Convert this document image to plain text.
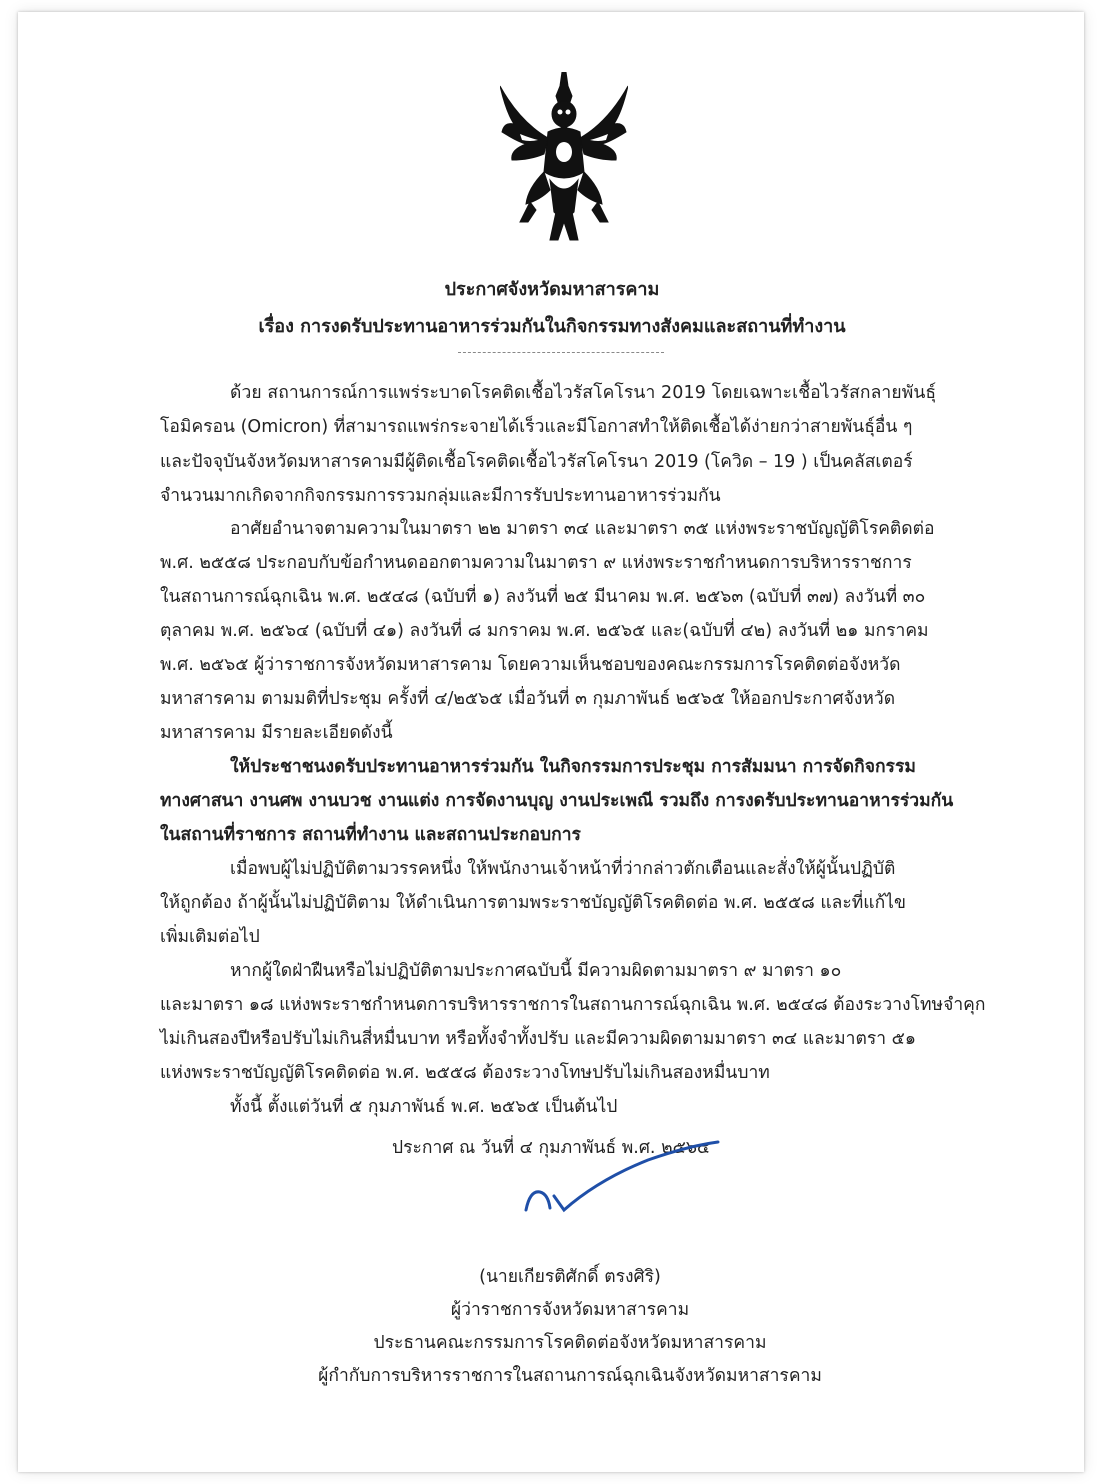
ประกาศจังหวัดมหาสารคาม
เรื่อง การงดรับประทานอาหารร่วมกันในกิจกรรมทางสังคมและสถานที่ทำงาน
ด้วย สถานการณ์การแพร่ระบาดโรคติดเชื้อไวรัสโคโรนา 2019 โดยเฉพาะเชื้อไวรัสกลายพันธุ์
โอมิครอน (Omicron) ที่สามารถแพร่กระจายได้เร็วและมีโอกาสทำให้ติดเชื้อได้ง่ายกว่าสายพันธุ์อื่น ๆ
และปัจจุบันจังหวัดมหาสารคามมีผู้ติดเชื้อโรคติดเชื้อไวรัสโคโรนา 2019 (โควิด – 19 ) เป็นคลัสเตอร์
จำนวนมากเกิดจากกิจกรรมการรวมกลุ่มและมีการรับประทานอาหารร่วมกัน
อาศัยอำนาจตามความในมาตรา ๒๒ มาตรา ๓๔ และมาตรา ๓๕ แห่งพระราชบัญญัติโรคติดต่อ
พ.ศ. ๒๕๕๘ ประกอบกับข้อกำหนดออกตามความในมาตรา ๙ แห่งพระราชกำหนดการบริหารราชการ
ในสถานการณ์ฉุกเฉิน พ.ศ. ๒๕๔๘ (ฉบับที่ ๑) ลงวันที่ ๒๕ มีนาคม พ.ศ. ๒๕๖๓ (ฉบับที่ ๓๗) ลงวันที่ ๓๐
ตุลาคม พ.ศ. ๒๕๖๔ (ฉบับที่ ๔๑) ลงวันที่ ๘ มกราคม พ.ศ. ๒๕๖๕ และ(ฉบับที่ ๔๒) ลงวันที่ ๒๑ มกราคม
พ.ศ. ๒๕๖๕ ผู้ว่าราชการจังหวัดมหาสารคาม โดยความเห็นชอบของคณะกรรมการโรคติดต่อจังหวัด
มหาสารคาม ตามมติที่ประชุม ครั้งที่ ๔/๒๕๖๕ เมื่อวันที่ ๓ กุมภาพันธ์ ๒๕๖๕ ให้ออกประกาศจังหวัด
มหาสารคาม มีรายละเอียดดังนี้
ให้ประชาชนงดรับประทานอาหารร่วมกัน ในกิจกรรมการประชุม การสัมมนา การจัดกิจกรรม
ทางศาสนา งานศพ งานบวช งานแต่ง การจัดงานบุญ งานประเพณี รวมถึง การงดรับประทานอาหารร่วมกัน
ในสถานที่ราชการ สถานที่ทำงาน และสถานประกอบการ
เมื่อพบผู้ไม่ปฏิบัติตามวรรคหนึ่ง ให้พนักงานเจ้าหน้าที่ว่ากล่าวตักเตือนและสั่งให้ผู้นั้นปฏิบัติ
ให้ถูกต้อง ถ้าผู้นั้นไม่ปฏิบัติตาม ให้ดำเนินการตามพระราชบัญญัติโรคติดต่อ พ.ศ. ๒๕๕๘ และที่แก้ไข
เพิ่มเติมต่อไป
หากผู้ใดฝ่าฝืนหรือไม่ปฏิบัติตามประกาศฉบับนี้ มีความผิดตามมาตรา ๙ มาตรา ๑๐
และมาตรา ๑๘ แห่งพระราชกำหนดการบริหารราชการในสถานการณ์ฉุกเฉิน พ.ศ. ๒๕๔๘ ต้องระวางโทษจำคุก
ไม่เกินสองปีหรือปรับไม่เกินสี่หมื่นบาท หรือทั้งจำทั้งปรับ และมีความผิดตามมาตรา ๓๔ และมาตรา ๕๑
แห่งพระราชบัญญัติโรคติดต่อ พ.ศ. ๒๕๕๘ ต้องระวางโทษปรับไม่เกินสองหมื่นบาท
ทั้งนี้ ตั้งแต่วันที่ ๕ กุมภาพันธ์ พ.ศ. ๒๕๖๕ เป็นต้นไป
ประกาศ ณ วันที่ ๔ กุมภาพันธ์ พ.ศ. ๒๕๖๕
(นายเกียรติศักดิ์ ตรงศิริ)
ผู้ว่าราชการจังหวัดมหาสารคาม
ประธานคณะกรรมการโรคติดต่อจังหวัดมหาสารคาม
ผู้กำกับการบริหารราชการในสถานการณ์ฉุกเฉินจังหวัดมหาสารคาม
